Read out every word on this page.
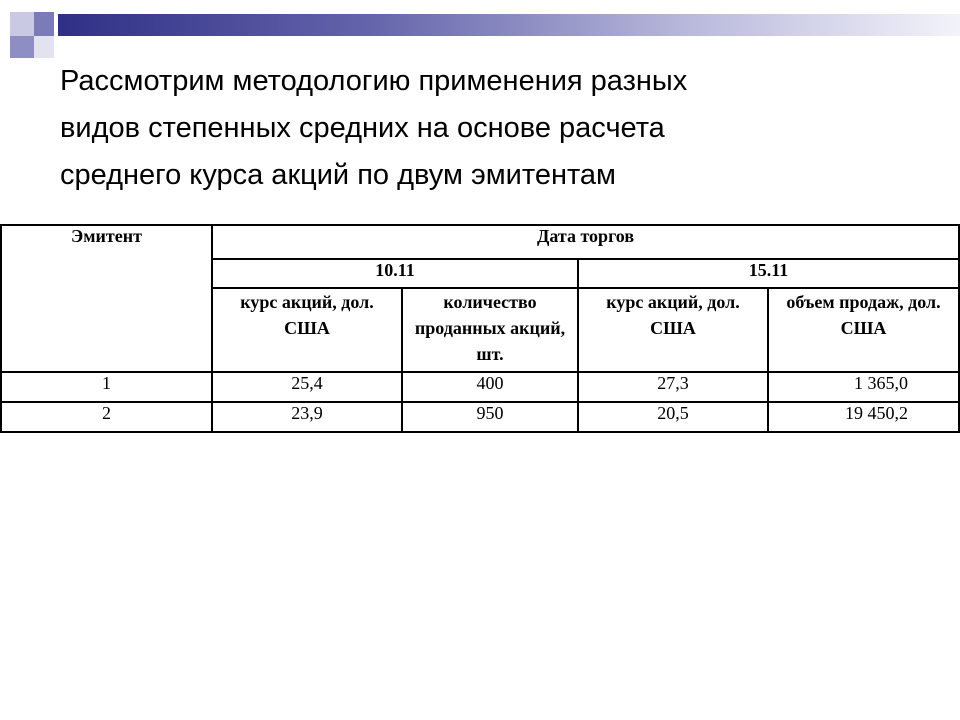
Рассмотрим методологию применения разных
видов степенных средних на основе расчета
среднего курса акций по двум эмитентам
Эмитент	Дата торгов			
	10.11		15.11	
	курс акций, дол. США	количество проданных акций, шт.	курс акций, дол. США	объем продаж, дол. США
1	25,4	400	27,3	1 365,0
2	23,9	950	20,5	19 450,2
